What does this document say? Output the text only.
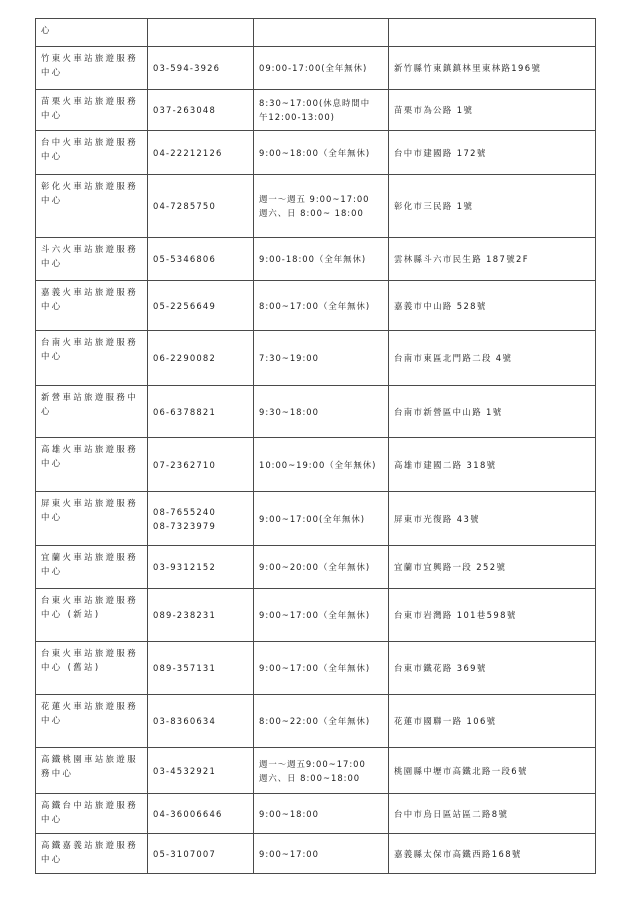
心	

竹東火車站旅遊服務中心	03-594-3926	09:00-17:00(全年無休)	新竹縣竹東鎮鎮林里東林路196號
苗栗火車站旅遊服務中心	037-263048	8:30~17:00(休息時間中
午12:00-13:00)	苗栗市為公路 1號
台中火車站旅遊服務中心	04-22212126	9:00~18:00（全年無休)	台中市建國路 172號
彰化火車站旅遊服務中心	04-7285750	週一～週五 9:00~17:00
週六、日 8:00~ 18:00	彰化市三民路 1號
斗六火車站旅遊服務中心	05-5346806	9:00-18:00（全年無休)	雲林縣斗六市民生路 187號2F
嘉義火車站旅遊服務中心	05-2256649	8:00~17:00（全年無休)	嘉義市中山路 528號
台南火車站旅遊服務中心	06-2290082	7:30~19:00	台南市東區北門路二段 4號
新營車站旅遊服務中心	06-6378821	9:30~18:00	台南市新營區中山路 1號
高雄火車站旅遊服務中心	07-2362710	10:00~19:00（全年無休)	高雄市建國二路 318號
屏東火車站旅遊服務中心	08-7655240
08-7323979	9:00~17:00(全年無休)	屏東市光復路 43號
宜蘭火車站旅遊服務中心	03-9312152	9:00~20:00（全年無休)	宜蘭市宜興路一段 252號
台東火車站旅遊服務中心 (新站)	089-238231	9:00~17:00（全年無休)	台東市岩灣路 101巷598號
台東火車站旅遊服務中心 (舊站)	089-357131	9:00~17:00（全年無休)	台東市鐵花路 369號
花蓮火車站旅遊服務中心	03-8360634	8:00~22:00（全年無休)	花蓮市國聯一路 106號
高鐵桃園車站旅遊服務中心	03-4532921	週一～週五9:00~17:00
週六、日 8:00~18:00	桃園縣中壢市高鐵北路一段6號
高鐵台中站旅遊服務中心	04-36006646	9:00~18:00	台中市烏日區站區二路8號
高鐵嘉義站旅遊服務中心	05-3107007	9:00~17:00	嘉義縣太保市高鐵西路168號
